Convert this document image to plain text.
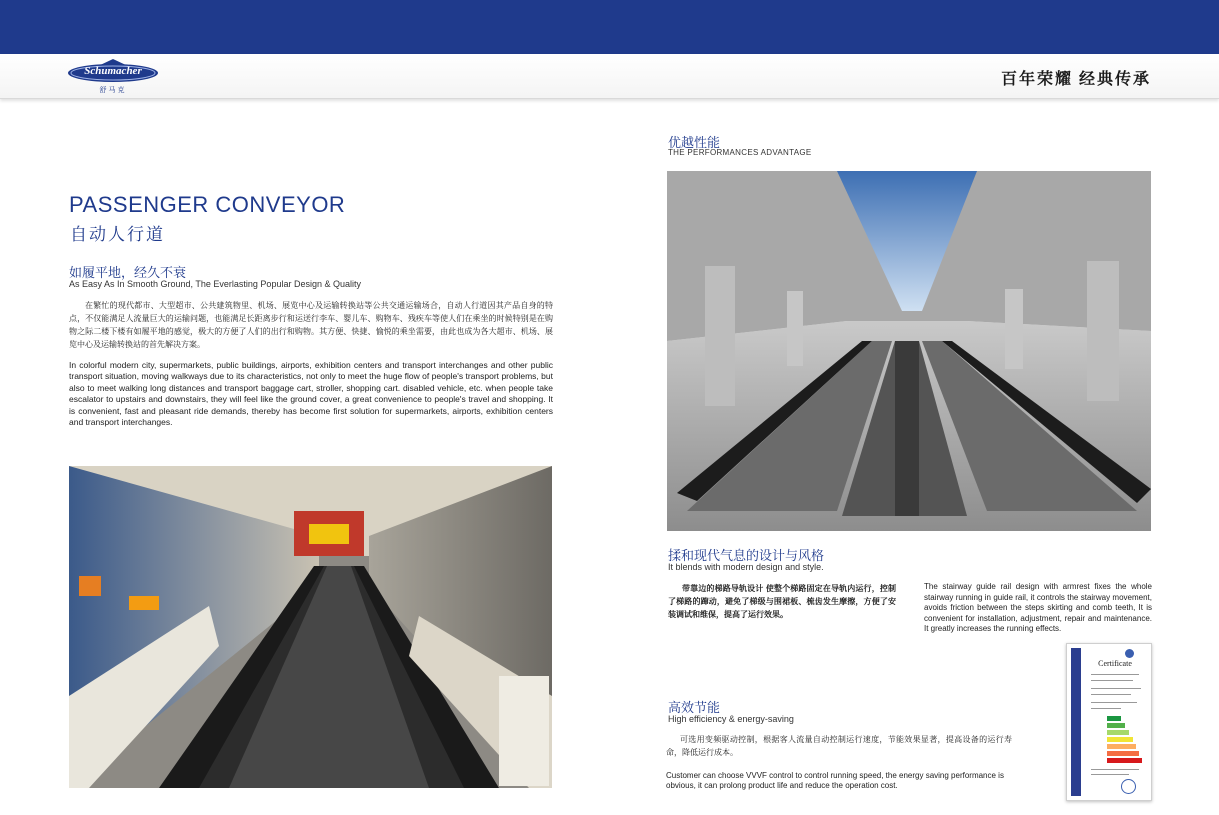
Schumacher
舒马克
百年荣耀 经典传承
PASSENGER CONVEYOR
自动人行道
如履平地，经久不衰
As Easy As In Smooth Ground, The Everlasting Popular Design & Quality
在繁忙的现代都市、大型超市、公共建筑物里、机场、展览中心及运输转换站等公共交通运输场合，自动人行道因其产品自身的特点，不仅能满足人流量巨大的运输问题，也能满足长距离步行和运送行李车、婴儿车、购物车、残疾车等使人们在乘坐的时候特别是在购物之际二楼下楼有如履平地的感觉，极大的方便了人们的出行和购物。其方便、快捷、愉悦的乘坐需要，由此也成为各大超市、机场、展览中心及运输转换站的首先解决方案。
In colorful modern city, supermarkets, public buildings, airports, exhibition centers and transport interchanges and other public transport situation, moving walkways due to its characteristics, not only to meet the huge flow of people's transport problems, but also to meet walking long distances and transport baggage cart, stroller, shopping cart. disabled vehicle, etc. when people take escalator to upstairs and downstairs, they will feel like the ground cover, a great convenience to people's travel and shopping. It is convenient, fast and pleasant ride demands, thereby has become first solution for supermarkets, airports, exhibition centers and transport interchanges.
优越性能
THE PERFORMANCES ADVANTAGE
揉和现代气息的设计与风格
It blends with modern design and style.
带靠边的梯路导轨设计 使整个梯路固定在导轨内运行，控制了梯路的蹿动，避免了梯级与围裙板、梳齿发生摩擦，方便了安装调试和维保，提高了运行效果。
The stairway guide rail design with armrest fixes the whole stairway running in guide rail, it controls the stairway movement, avoids friction between the steps skirting and comb teeth, It is convenient for installation, adjustment, repair and maintenance. It greatly increases the running effects.
高效节能
High efficiency & energy-saving
可选用变频驱动控制，根据客人流量自动控制运行速度，节能效果显著，提高设备的运行寿命，降低运行成本。
Customer can choose VVVF control to control running speed, the energy saving performance is obvious, it can prolong product life and reduce the operation cost.
Certificate
